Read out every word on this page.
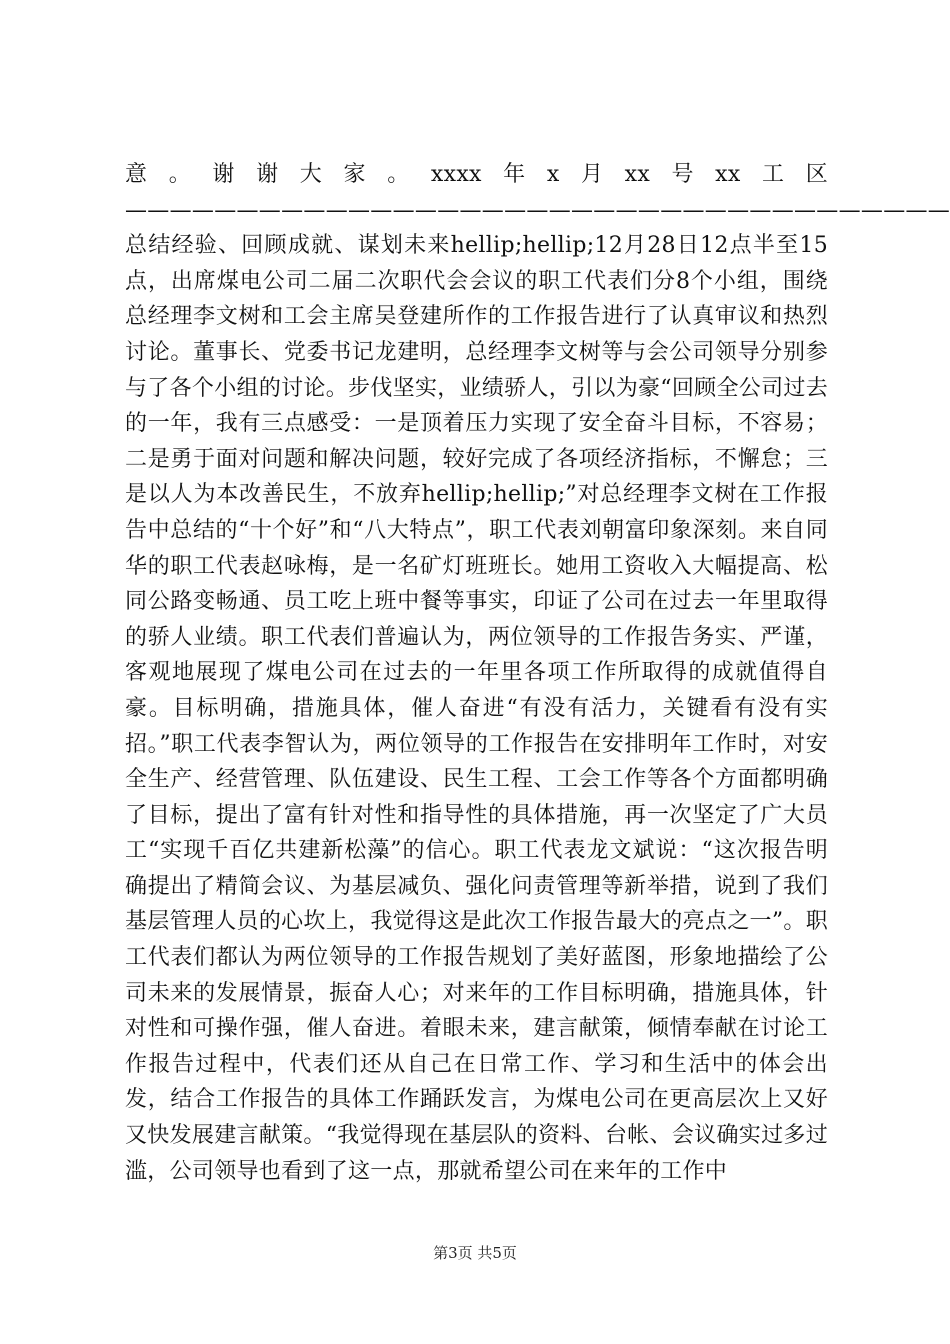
意。谢谢大家。xxxx年x月xx号xx工区—————————————————————————————————————总结经验、回顾成就、谋划未来hellip;hellip;12月28日12点半至15点，出席煤电公司二届二次职代会会议的职工代表们分8个小组，围绕总经理李文树和工会主席吴登建所作的工作报告进行了认真审议和热烈讨论。董事长、党委书记龙建明，总经理李文树等与会公司领导分别参与了各个小组的讨论。步伐坚实，业绩骄人，引以为豪“回顾全公司过去的一年，我有三点感受：一是顶着压力实现了安全奋斗目标，不容易；二是勇于面对问题和解决问题，较好完成了各项经济指标，不懈怠；三是以人为本改善民生，不放弃hellip;hellip;”对总经理李文树在工作报告中总结的“十个好”和“八大特点”，职工代表刘朝富印象深刻。来自同华的职工代表赵咏梅，是一名矿灯班班长。她用工资收入大幅提高、松同公路变畅通、员工吃上班中餐等事实，印证了公司在过去一年里取得的骄人业绩。职工代表们普遍认为，两位领导的工作报告务实、严谨，客观地展现了煤电公司在过去的一年里各项工作所取得的成就值得自豪。目标明确，措施具体，催人奋进“有没有活力，关键看有没有实招。”职工代表李智认为，两位领导的工作报告在安排明年工作时，对安全生产、经营管理、队伍建设、民生工程、工会工作等各个方面都明确了目标，提出了富有针对性和指导性的具体措施，再一次坚定了广大员工“实现千百亿共建新松藻”的信心。职工代表龙文斌说：“这次报告明确提出了精简会议、为基层减负、强化问责管理等新举措，说到了我们基层管理人员的心坎上，我觉得这是此次工作报告最大的亮点之一”。职工代表们都认为两位领导的工作报告规划了美好蓝图，形象地描绘了公司未来的发展情景，振奋人心；对来年的工作目标明确，措施具体，针对性和可操作强，催人奋进。着眼未来，建言献策，倾情奉献在讨论工作报告过程中，代表们还从自己在日常工作、学习和生活中的体会出发，结合工作报告的具体工作踊跃发言，为煤电公司在更高层次上又好又快发展建言献策。“我觉得现在基层队的资料、台帐、会议确实过多过滥，公司领导也看到了这一点，那就希望公司在来年的工作中

第3页 共5页
